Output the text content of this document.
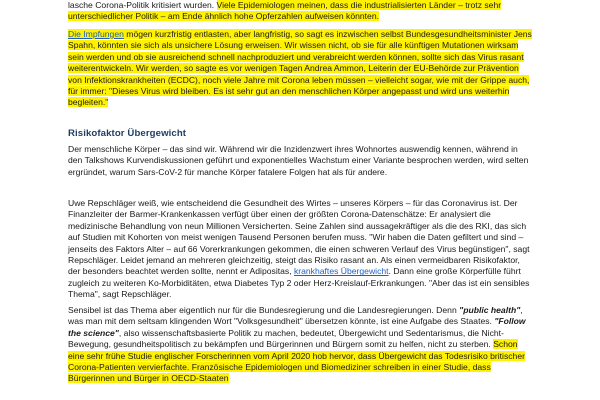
lasche Corona-Politik kritisiert wurden. Viele Epidemiologen meinen, dass die industrialisierten Länder – trotz sehr unterschiedlicher Politik – am Ende ähnlich hohe Opferzahlen aufweisen könnten.
Die Impfungen mögen kurzfristig entlasten, aber langfristig, so sagt es inzwischen selbst Bundesgesundheitsminister Jens Spahn, könnten sie sich als unsichere Lösung erweisen. Wir wissen nicht, ob sie für alle künftigen Mutationen wirksam sein werden und ob sie ausreichend schnell nachproduziert und verabreicht werden können, sollte sich das Virus rasant weiterentwickeln. Wir werden, so sagte es vor wenigen Tagen Andrea Ammon, Leiterin der EU-Behörde zur Prävention von Infektionskrankheiten (ECDC), noch viele Jahre mit Corona leben müssen – vielleicht sogar, wie mit der Grippe auch, für immer: "Dieses Virus wird bleiben. Es ist sehr gut an den menschlichen Körper angepasst und wird uns weiterhin begleiten."
Risikofaktor Übergewicht
Der menschliche Körper – das sind wir. Während wir die Inzidenzwert ihres Wohnortes auswendig kennen, während in den Talkshows Kurvendiskussionen geführt und exponentielles Wachstum einer Variante besprochen werden, wird selten ergründet, warum Sars-CoV-2 für manche Körper fatalere Folgen hat als für andere.
Uwe Repschläger weiß, wie entscheidend die Gesundheit des Wirtes – unseres Körpers – für das Coronavirus ist. Der Finanzleiter der Barmer-Krankenkassen verfügt über einen der größten Corona-Datenschätze: Er analysiert die medizinische Behandlung von neun Millionen Versicherten. Seine Zahlen sind aussagekräftiger als die des RKI, das sich auf Studien mit Kohorten von meist wenigen Tausend Personen berufen muss. "Wir haben die Daten gefiltert und sind – jenseits des Faktors Alter – auf 66 Vorerkrankungen gekommen, die einen schweren Verlauf des Virus begünstigen", sagt Repschläger. Leidet jemand an mehreren gleichzeitig, steigt das Risiko rasant an. Als einen vermeidbaren Risikofaktor, der besonders beachtet werden sollte, nennt er Adipositas, krankhaftes Übergewicht. Dann eine große Körperfülle führt zugleich zu weiteren Ko-Morbiditäten, etwa Diabetes Typ 2 oder Herz-Kreislauf-Erkrankungen. "Aber das ist ein sensibles Thema", sagt Repschläger.
Sensibel ist das Thema aber eigentlich nur für die Bundesregierung und die Landesregierungen. Denn "public health", was man mit dem seltsam klingenden Wort "Volksgesundheit" übersetzen könnte, ist eine Aufgabe des Staates. "Follow the science", also wissenschaftsbasierte Politik zu machen, bedeutet, Übergewicht und Sedentarismus, die Nicht-Bewegung, gesundheitspolitisch zu bekämpfen und Bürgerinnen und Bürgern somit zu helfen, nicht zu sterben. Schon eine sehr frühe Studie englischer Forscherinnen vom April 2020 hob hervor, dass Übergewicht das Todesrisiko britischer Corona-Patienten vervierfachte. Französische Epidemiologen und Biomediziner schreiben in einer Studie, dass Bürgerinnen und Bürger in OECD-Staaten
